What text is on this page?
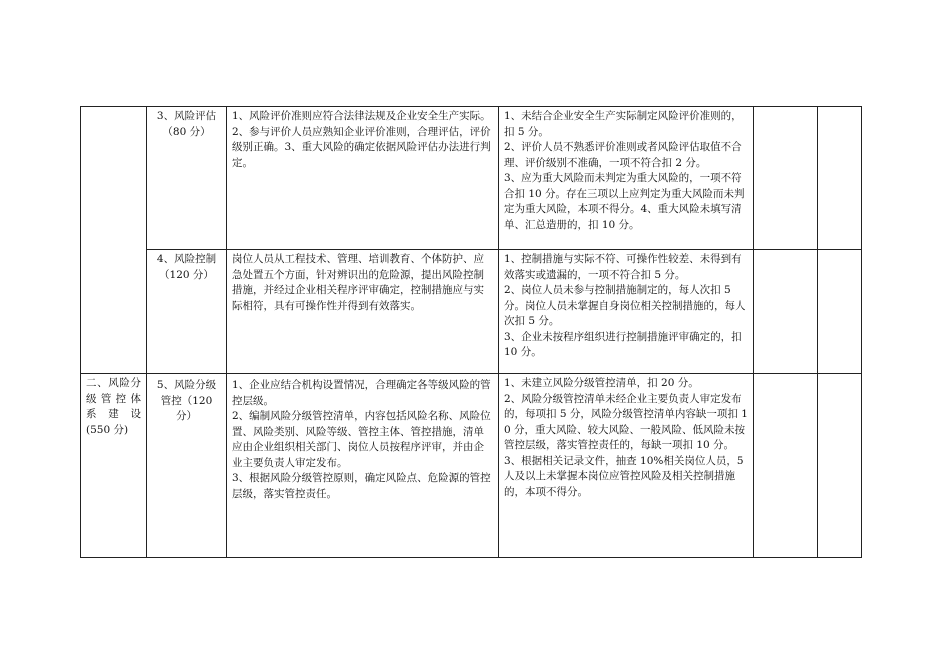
	3、风险评估
（80 分）	1、风险评价准则应符合法律法规及企业安全生产实际。
2、参与评价人员应熟知企业评价准则，合理评估，评价级别正确。3、重大风险的确定依据风险评估办法进行判定。	1、未结合企业安全生产实际制定风险评价准则的，扣 5 分。
2、评价人员不熟悉评价准则或者风险评估取值不合理、评价级别不准确，一项不符合扣 2 分。
3、应为重大风险而未判定为重大风险的，一项不符合扣 10 分。存在三项以上应判定为重大风险而未判定为重大风险，本项不得分。4、重大风险未填写清单、汇总造册的，扣 10 分。		

	4、风险控制
（120 分）	岗位人员从工程技术、管理、培训教育、个体防护、应急处置五个方面，针对辨识出的危险源，提出风险控制措施，并经过企业相关程序评审确定，控制措施应与实际相符，具有可操作性并得到有效落实。	1、控制措施与实际不符、可操作性较差、未得到有效落实或遗漏的，一项不符合扣 5 分。
2、岗位人员未参与控制措施制定的，每人次扣 5 分。岗位人员未掌握自身岗位相关控制措施的，每人次扣 5 分。
3、企业未按程序组织进行控制措施评审确定的，扣 10 分。		

二、风险分
级管控体
系 建 设
(550 分)	5、风险分级
管控（120
分）	1、企业应结合机构设置情况，合理确定各等级风险的管控层级。
2、编制风险分级管控清单，内容包括风险名称、风险位置、风险类别、风险等级、管控主体、管控措施，清单应由企业组织相关部门、岗位人员按程序评审，并由企业主要负责人审定发布。
3、根据风险分级管控原则，确定风险点、危险源的管控层级，落实管控责任。	1、未建立风险分级管控清单，扣 20 分。
2、风险分级管控清单未经企业主要负责人审定发布的，每项扣 5 分，风险分级管控清单内容缺一项扣 10 分，重大风险、较大风险、一般风险、低风险未按管控层级，落实管控责任的，每缺一项扣 10 分。
3、根据相关记录文件，抽查 10%相关岗位人员，5 人及以上未掌握本岗位应管控风险及相关控制措施的，本项不得分。		
